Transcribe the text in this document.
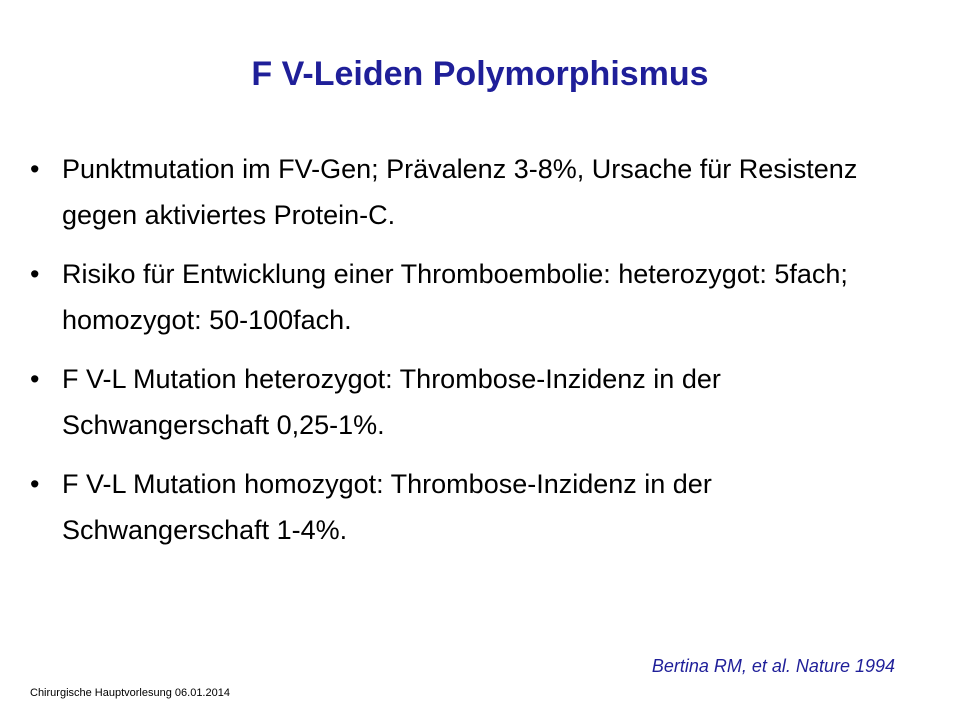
F V-Leiden Polymorphismus
• Punktmutation im FV-Gen; Prävalenz 3-8%, Ursache für Resistenz gegen aktiviertes Protein-C.
• Risiko für Entwicklung einer Thromboembolie: heterozygot: 5fach; homozygot: 50-100fach.
• F V-L Mutation heterozygot: Thrombose-Inzidenz in der Schwangerschaft 0,25-1%.
• F V-L Mutation homozygot: Thrombose-Inzidenz in der Schwangerschaft 1-4%.
Bertina RM, et al. Nature 1994
Chirurgische Hauptvorlesung 06.01.2014
